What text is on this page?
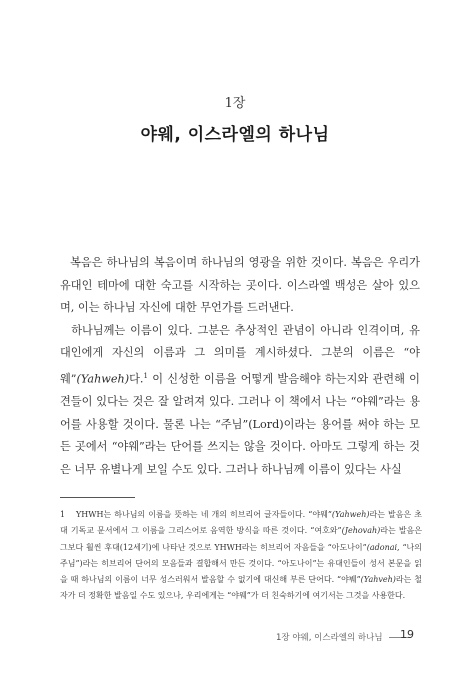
1장
야웨, 이스라엘의 하나님

복음은 하나님의 복음이며 하나님의 영광을 위한 것이다. 복음은 우리가 유대인 테마에 대한 숙고를 시작하는 곳이다. 이스라엘 백성은 살아 있으며, 이는 하나님 자신에 대한 무언가를 드러낸다.

하나님께는 이름이 있다. 그분은 추상적인 관념이 아니라 인격이며, 유대인에게 자신의 이름과 그 의미를 계시하셨다. 그분의 이름은 “야웨”(Yahweh)다.$^1$ 이 신성한 이름을 어떻게 발음해야 하는지와 관련해 이견들이 있다는 것은 잘 알려져 있다. 그러나 이 책에서 나는 “야웨”라는 용어를 사용할 것이다. 물론 나는 “주님”(Lord)이라는 용어를 써야 하는 모든 곳에서 “야웨”라는 단어를 쓰지는 않을 것이다. 아마도 그렇게 하는 것은 너무 유별나게 보일 수도 있다. 그러나 하나님께 이름이 있다는 사실

1 YHWH는 하나님의 이름을 뜻하는 네 개의 히브리어 글자들이다. “야웨”(Yahweh)라는 발음은 초대 기독교 문서에서 그 이름을 그리스어로 음역한 방식을 따른 것이다. “여호와”(Jehovah)라는 발음은 그보다 훨씬 후대(12세기)에 나타난 것으로 YHWH라는 히브리어 자음들을 “아도나이”(adonai, “나의 주님”)라는 히브리어 단어의 모음들과 결합해서 만든 것이다. “아도나이”는 유대인들이 성서 본문을 읽을 때 하나님의 이름이 너무 성스러워서 발음할 수 없기에 대신해 부른 단어다. “야붸”(Yahveh)라는 철자가 더 정확한 발음일 수도 있으나, 우리에게는 “야웨”가 더 친숙하기에 여기서는 그것을 사용한다.

1장 야웨, 이스라엘의 하나님	19
